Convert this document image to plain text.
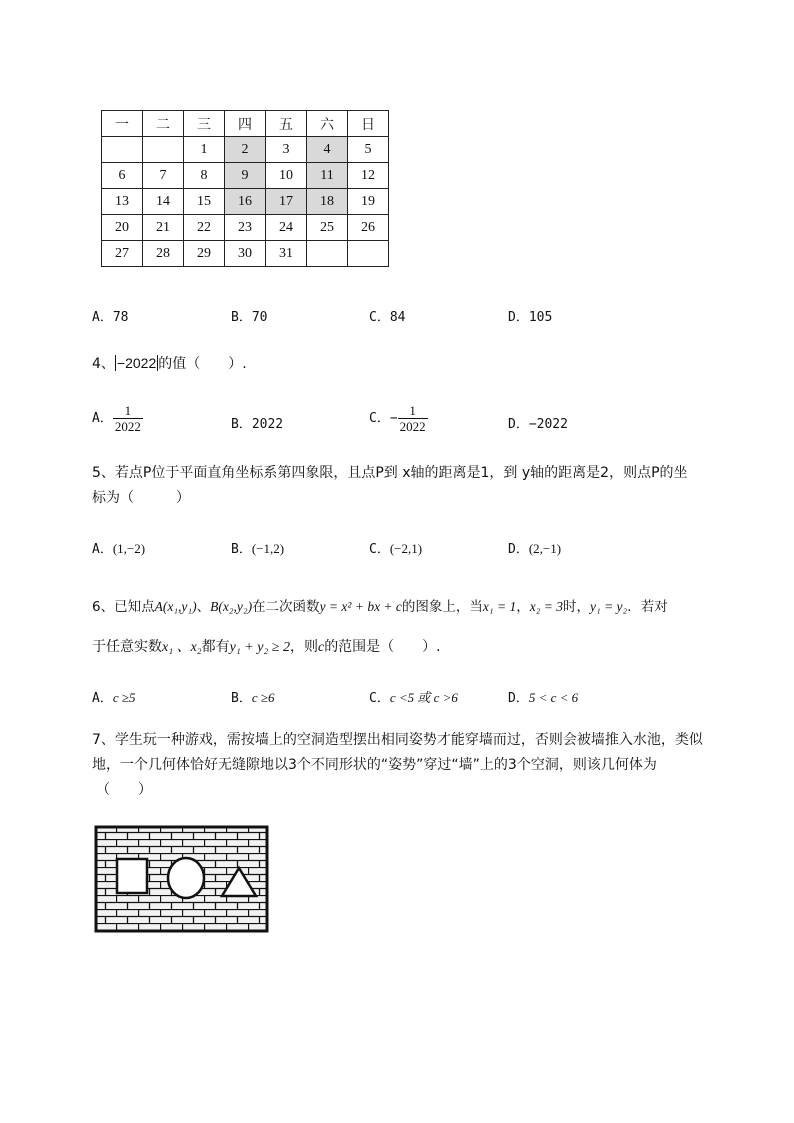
一	二	三	四	五	六	日
		1	2	3	4	5
6	7	8	9	10	11	12
13	14	15	16	17	18	19
20	21	22	23	24	25	26
27	28	29	30	31		
A．78	B．70	C．84	D．105
4、 −2022 的值（　　）.
A． $\frac{1}{2022}$	B．2022	C．− $\frac{1}{2022}$	D．−2022
5、若点P位于平面直角坐标系第四象限，且点P到 x轴的距离是1，到 y轴的距离是2，则点P的坐
标为（　　　）
A．(1,−2)	B．(−1,2)	C．(−2,1)	D．(2,−1)
6、已知点A(x₁,y₁)、B(x₂,y₂)在二次函数y = x² + bx + c的图象上，当x₁ = 1，x₂ = 3时，y₁ = y₂．若对
于任意实数x₁ 、x₂都有y₁ + y₂ ≥ 2，则c的范围是（　　）.
A．c ≥5	B．c ≥6	C．c <5 或 c >6	D．5 < c < 6
7、学生玩一种游戏，需按墙上的空洞造型摆出相同姿势才能穿墙而过，否则会被墙推入水池，类似
地，一个几何体恰好无缝隙地以3个不同形状的“姿势”穿过“墙”上的3个空洞，则该几何体为
（　　）
